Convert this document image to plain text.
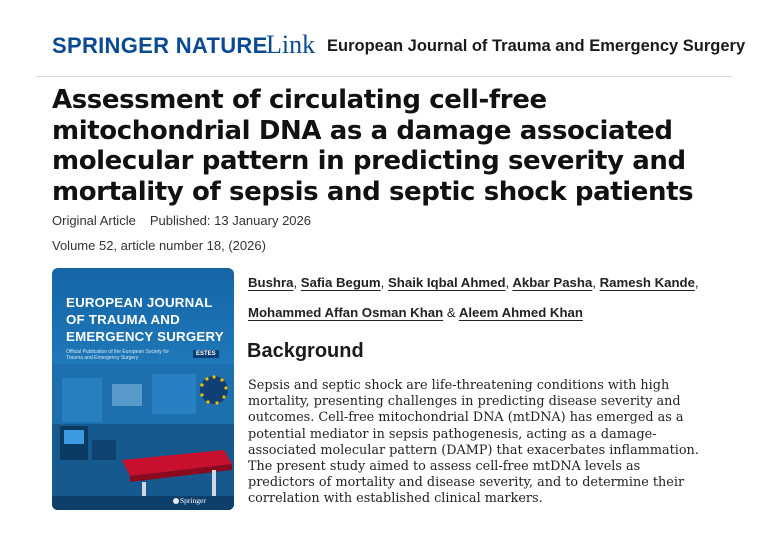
SPRINGER NATURE
Link European Journal of Trauma and Emergency Surgery
Assessment of circulating cell-free mitochondrial DNA as a damage associated molecular pattern in predicting severity and mortality of sepsis and septic shock patients
Original Article Published: 13 January 2026
Volume 52, article number 18, (2026)
EUROPEAN JOURNAL
OF TRAUMA AND
EMERGENCY SURGERY
Official Publication of the European Society for Trauma and Emergency Surgery
ESTES
Springer
Bushra, Safia Begum, Shaik Iqbal Ahmed, Akbar Pasha, Ramesh Kande,
Mohammed Affan Osman Khan & Aleem Ahmed Khan
Background

Sepsis and septic shock are life-threatening conditions with high mortality, presenting challenges in predicting disease severity and outcomes. Cell-free mitochondrial DNA (mtDNA) has emerged as a potential mediator in sepsis pathogenesis, acting as a damage-associated molecular pattern (DAMP) that exacerbates inflammation. The present study aimed to assess cell-free mtDNA levels as predictors of mortality and disease severity, and to determine their correlation with established clinical markers.
